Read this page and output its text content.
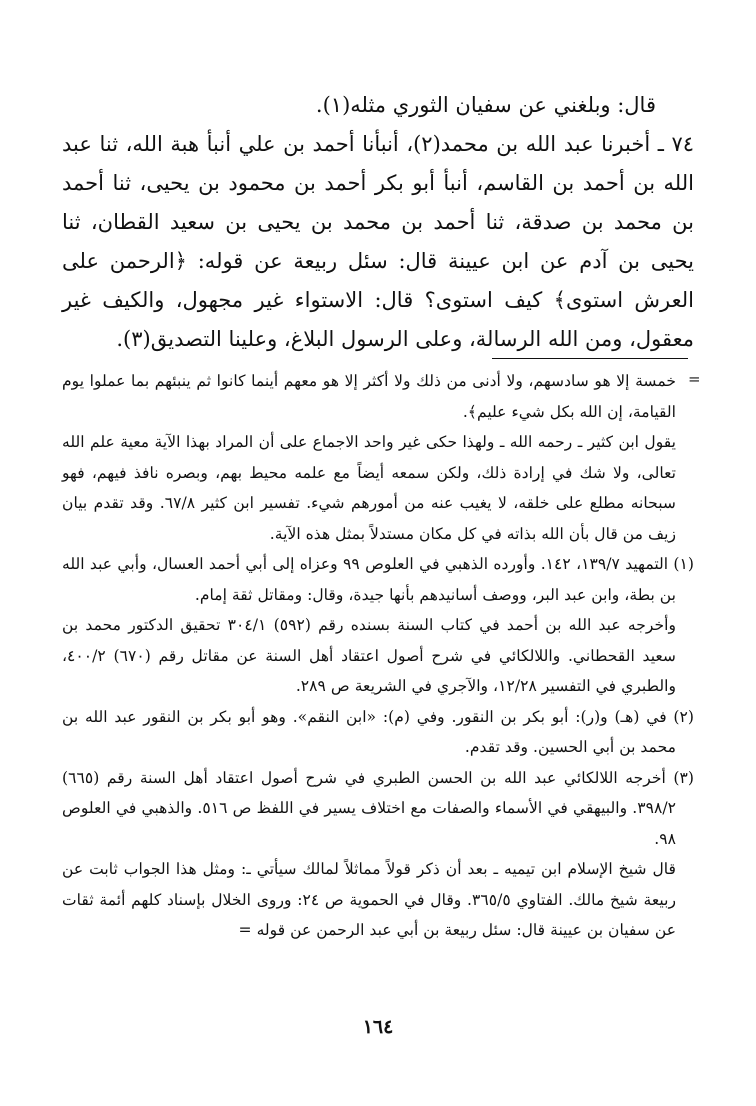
قال: وبلغني عن سفيان الثوري مثله(١).

٧٤ ـ أخبرنا عبد الله بن محمد(٢)، أنبأنا أحمد بن علي أنبأ هبة الله، ثنا عبد الله بن أحمد بن القاسم، أنبأ أبو بكر أحمد بن محمود بن يحيى، ثنا أحمد بن محمد بن صدقة، ثنا أحمد بن محمد بن يحيى بن سعيد القطان، ثنا يحيى بن آدم عن ابن عيينة قال: سئل ربيعة عن قوله: ﴿الرحمن على العرش استوى﴾ كيف استوى؟ قال: الاستواء غير مجهول، والكيف غير معقول، ومن الله الرسالة، وعلى الرسول البلاغ، وعلينا التصديق(٣).

=

خمسة إلا هو سادسهم، ولا أدنى من ذلك ولا أكثر إلا هو معهم أينما كانوا ثم ينبئهم بما عملوا يوم القيامة، إن الله بكل شيء عليم﴾.

يقول ابن كثير ـ رحمه الله ـ ولهذا حكى غير واحد الاجماع على أن المراد بهذا الآية معية علم الله تعالى، ولا شك في إرادة ذلك، ولكن سمعه أيضاً مع علمه محيط بهم، وبصره نافذ فيهم، فهو سبحانه مطلع على خلقه، لا يغيب عنه من أمورهم شيء. تفسير ابن كثير ٦٧/٨. وقد تقدم بيان زيف من قال بأن الله بذاته في كل مكان مستدلاً بمثل هذه الآية.

(١) التمهيد ١٣٩/٧، ١٤٢. وأورده الذهبي في العلوص ٩٩ وعزاه إلى أبي أحمد العسال، وأبي عبد الله بن بطة، وابن عبد البر، ووصف أسانيدهم بأنها جيدة، وقال: ومقاتل ثقة إمام.

وأخرجه عبد الله بن أحمد في كتاب السنة بسنده رقم (٥٩٢) ٣٠٤/١ تحقيق الدكتور محمد بن سعيد القحطاني. واللالكائي في شرح أصول اعتقاد أهل السنة عن مقاتل رقم (٦٧٠) ٤٠٠/٢، والطبري في التفسير ١٢/٢٨، والآجري في الشريعة ص ٢٨٩.

(٢) في (هـ) و(ر): أبو بكر بن النقور. وفي (م): «ابن النقم». وهو أبو بكر بن النقور عبد الله بن محمد بن أبي الحسين. وقد تقدم.

(٣) أخرجه اللالكائي عبد الله بن الحسن الطبري في شرح أصول اعتقاد أهل السنة رقم (٦٦٥) ٣٩٨/٢. والبيهقي في الأسماء والصفات مع اختلاف يسير في اللفظ ص ٥١٦. والذهبي في العلوص ٩٨.

قال شيخ الإسلام ابن تيميه ـ بعد أن ذكر قولاً مماثلاً لمالك سيأتي ـ: ومثل هذا الجواب ثابت عن ربيعة شيخ مالك. الفتاوي ٣٦٥/٥. وقال في الحموية ص ٢٤: وروى الخلال بإسناد كلهم أئمة ثقات عن سفيان بن عيينة قال: سئل ربيعة بن أبي عبد الرحمن عن قوله =

١٦٤
